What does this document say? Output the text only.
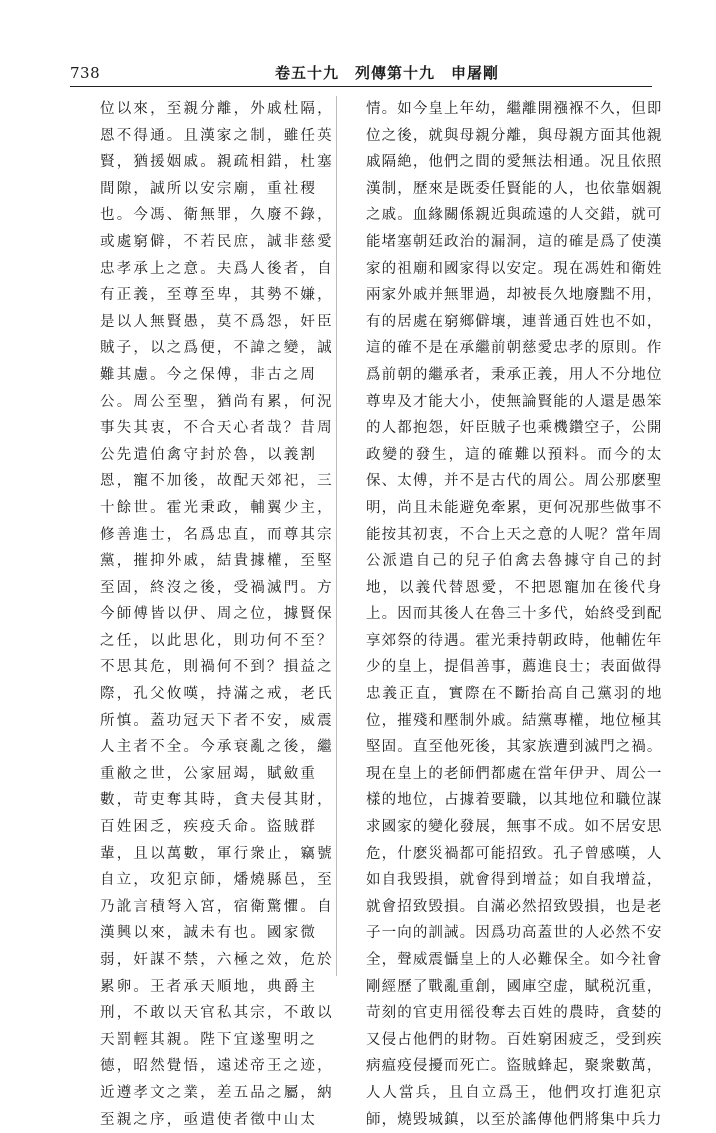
738	卷五十九　列傳第十九　申屠剛
位以來，至親分離，外戚杜隔，
恩不得通。且漢家之制，雖任英
賢，猶援姻戚。親疏相錯，杜塞
間隙，誠所以安宗廟，重社稷
也。今馮、衛無罪，久廢不錄，
或處窮僻，不若民庶，誠非慈愛
忠孝承上之意。夫爲人後者，自
有正義，至尊至卑，其勢不嫌，
是以人無賢愚，莫不爲怨，奸臣
賊子，以之爲便，不諱之變，誠
難其慮。今之保傅，非古之周
公。周公至聖，猶尚有累，何況
事失其衷，不合天心者哉？昔周
公先遣伯禽守封於魯，以義割
恩，寵不加後，故配天郊祀，三
十餘世。霍光秉政，輔翼少主，
修善進士，名爲忠直，而尊其宗
黨，摧抑外戚，結貴據權，至堅
至固，終沒之後，受禍滅門。方
今師傅皆以伊、周之位，據賢保
之任，以此思化，則功何不至？
不思其危，則禍何不到？損益之
際，孔父攸嘆，持滿之戒，老氏
所慎。蓋功冠天下者不安，威震
人主者不全。今承衰亂之後，繼
重敝之世，公家屈竭，賦斂重
數，苛吏奪其時，貪夫侵其財，
百姓困乏，疾疫夭命。盜賊群
輩，且以萬數，軍行衆止，竊號
自立，攻犯京師，燔燒縣邑，至
乃訛言積弩入宮，宿衛驚懼。自
漢興以來，誠未有也。國家微
弱，奸謀不禁，六極之效，危於
累卵。王者承天順地，典爵主
刑，不敢以天官私其宗，不敢以
天罰輕其親。陛下宜遂聖明之
德，昭然覺悟，遠述帝王之迹，
近遵孝文之業，差五品之屬，納
至親之序，亟遣使者徵中山太
情。如今皇上年幼，繼離開襁褓不久，但即
位之後，就與母親分離，與母親方面其他親
戚隔絶，他們之間的愛無法相通。况且依照
漢制，歷來是既委任賢能的人，也依靠姻親
之戚。血緣關係親近與疏遠的人交錯，就可
能堵塞朝廷政治的漏洞，這的確是爲了使漢
家的祖廟和國家得以安定。現在馮姓和衛姓
兩家外戚并無罪過，却被長久地廢黜不用，
有的居處在窮鄉僻壤，連普通百姓也不如，
這的確不是在承繼前朝慈愛忠孝的原則。作
爲前朝的繼承者，秉承正義，用人不分地位
尊卑及才能大小，使無論賢能的人還是愚笨
的人都抱怨，奸臣賊子也乘機鑽空子，公開
政變的發生，這的確難以預料。而今的太
保、太傅，并不是古代的周公。周公那麽聖
明，尚且未能避免牽累，更何况那些做事不
能按其初衷，不合上天之意的人呢？當年周
公派遣自己的兒子伯禽去魯據守自己的封
地，以義代替恩愛，不把恩寵加在後代身
上。因而其後人在魯三十多代，始終受到配
享郊祭的待遇。霍光秉持朝政時，他輔佐年
少的皇上，提倡善事，薦進良士；表面做得
忠義正直，實際在不斷抬高自己黨羽的地
位，摧殘和壓制外戚。結黨專權，地位極其
堅固。直至他死後，其家族遭到滅門之禍。
現在皇上的老師們都處在當年伊尹、周公一
樣的地位，占據着要職，以其地位和職位謀
求國家的變化發展，無事不成。如不居安思
危，什麽災禍都可能招致。孔子曾感嘆，人
如自我毁損，就會得到增益；如自我增益，
就會招致毁損。自滿必然招致毁損，也是老
子一向的訓誡。因爲功高蓋世的人必然不安
全，聲威震懾皇上的人必難保全。如今社會
剛經歷了戰亂重創，國庫空虚，賦税沉重，
苛刻的官吏用徭役奪去百姓的農時，貪婪的
又侵占他們的財物。百姓窮困疲乏，受到疾
病瘟疫侵擾而死亡。盜賊蜂起，聚衆數萬，
人人當兵，且自立爲王，他們攻打進犯京
師，燒毁城鎮，以至於謠傳他們將集中兵力
